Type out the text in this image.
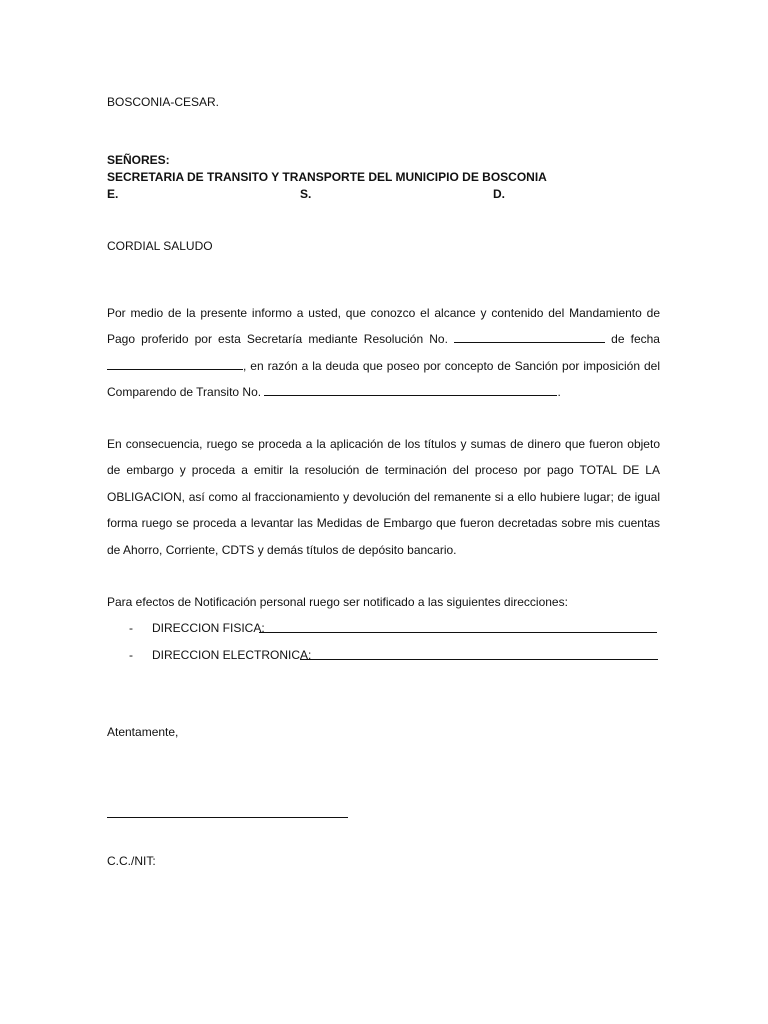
BOSCONIA-CESAR.
SEÑORES:
SECRETARIA DE TRANSITO Y TRANSPORTE DEL MUNICIPIO DE BOSCONIA
E.	S.	D.
CORDIAL SALUDO
Por medio de la presente informo a usted, que conozco el alcance y contenido del Mandamiento de Pago proferido por esta Secretaría mediante Resolución No.	de fecha , en razón a la deuda que poseo por concepto de Sanción por imposición del Comparendo de Transito No.	.
En consecuencia, ruego se proceda a la aplicación de los títulos y sumas de dinero que fueron objeto de embargo y proceda a emitir la resolución de terminación del proceso por pago TOTAL DE LA OBLIGACION, así como al fraccionamiento y devolución del remanente si a ello hubiere lugar; de igual forma ruego se proceda a levantar las Medidas de Embargo que fueron decretadas sobre mis cuentas de Ahorro, Corriente, CDTS y demás títulos de depósito bancario.
Para efectos de Notificación personal ruego ser notificado a las siguientes direcciones:
- DIRECCION FISICA:
- DIRECCION ELECTRONICA:
Atentamente,
C.C./NIT:
